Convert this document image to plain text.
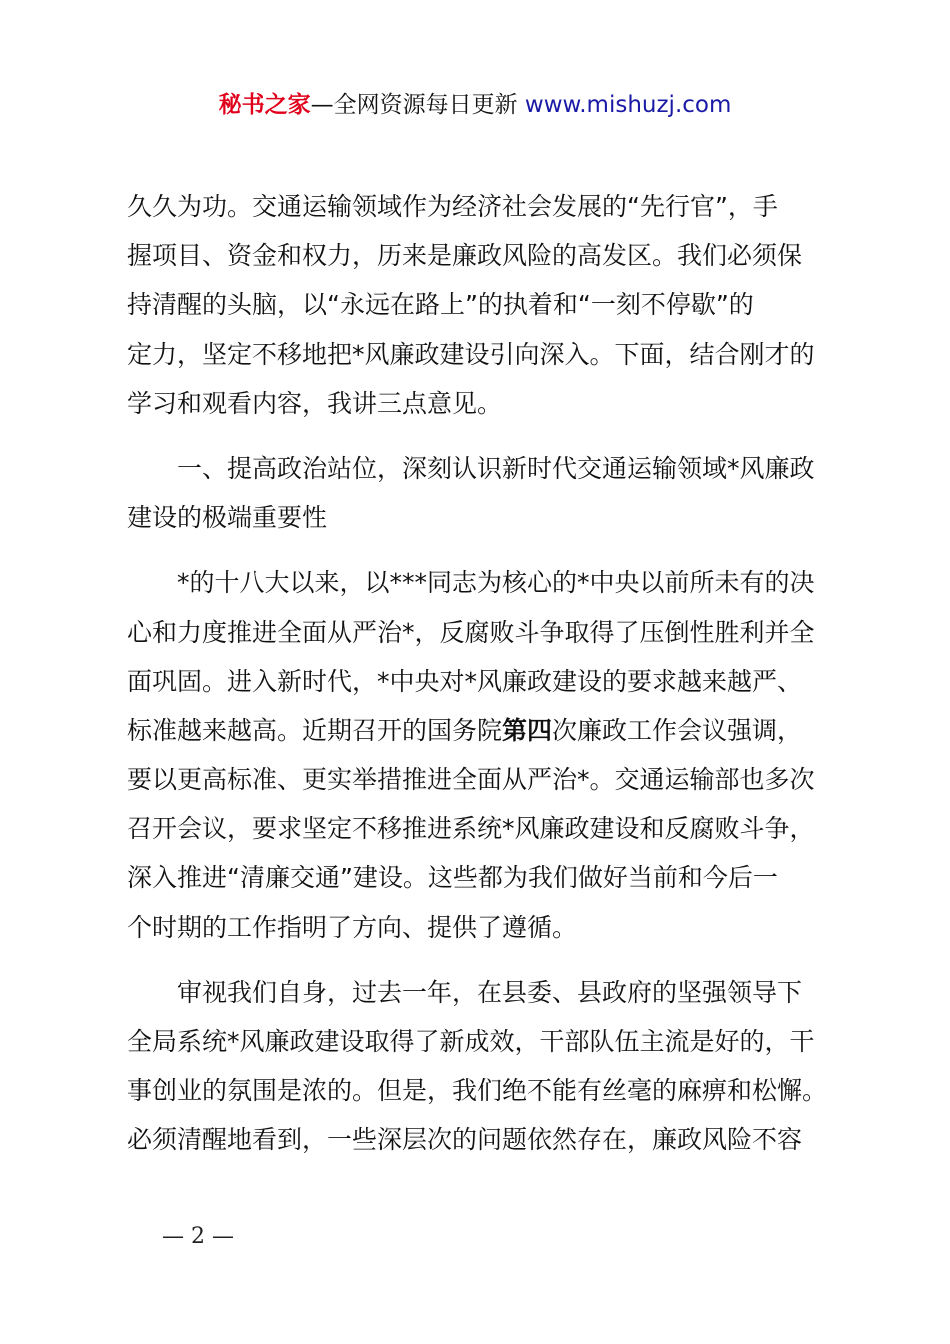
秘书之家—全网资源每日更新 www.mishuzj.com
久久为功。交通运输领域作为经济社会发展的“先行官”，手
握项目、资金和权力，历来是廉政风险的高发区。我们必须保
持清醒的头脑，以“永远在路上”的执着和“一刻不停歇”的
定力，坚定不移地把*风廉政建设引向深入。下面，结合刚才的
学习和观看内容，我讲三点意见。
　　一、提高政治站位，深刻认识新时代交通运输领域*风廉政
建设的极端重要性
　　*的十八大以来，以***同志为核心的*中央以前所未有的决
心和力度推进全面从严治*，反腐败斗争取得了压倒性胜利并全
面巩固。进入新时代，*中央对*风廉政建设的要求越来越严、
标准越来越高。近期召开的国务院第四次廉政工作会议强调，
要以更高标准、更实举措推进全面从严治*。交通运输部也多次
召开会议，要求坚定不移推进系统*风廉政建设和反腐败斗争，
深入推进“清廉交通”建设。这些都为我们做好当前和今后一
个时期的工作指明了方向、提供了遵循。
　　审视我们自身，过去一年，在县委、县政府的坚强领导下
全局系统*风廉政建设取得了新成效，干部队伍主流是好的，干
事创业的氛围是浓的。但是，我们绝不能有丝毫的麻痹和松懈。
必须清醒地看到，一些深层次的问题依然存在，廉政风险不容
— 2 —
